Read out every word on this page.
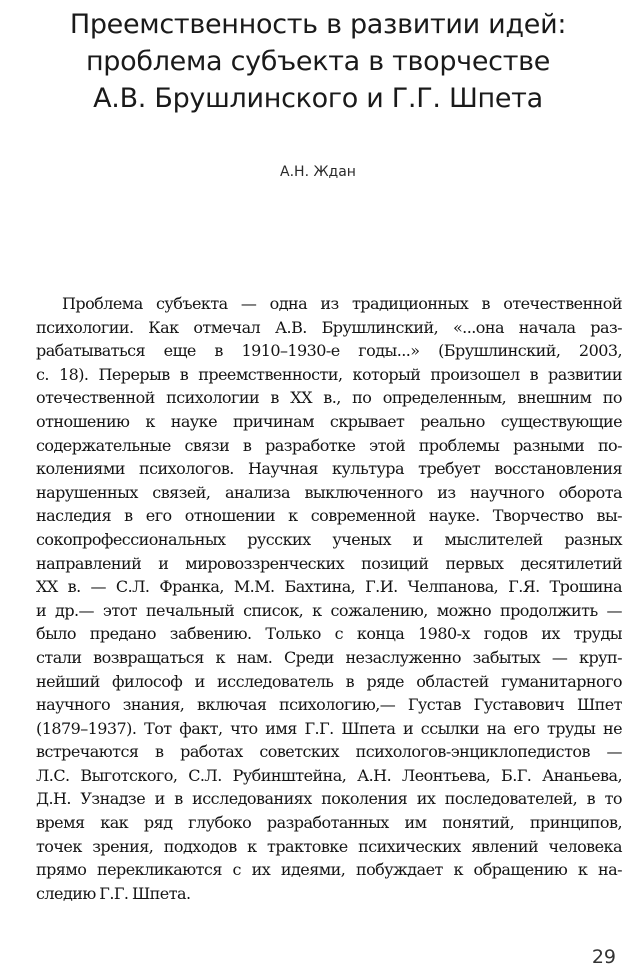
Преемственность в развитии идей:
проблема субъекта в творчестве
А.В. Брушлинского и Г.Г. Шпета
А.Н. Ждан
Проблема субъекта — одна из традиционных в отечественной
психологии. Как отмечал А.В. Брушлинский, «...она начала раз-
рабатываться еще в 1910–1930-е годы...» (Брушлинский, 2003,
с. 18). Перерыв в преемственности, который произошел в развитии
отечественной психологии в XX в., по определенным, внешним по
отношению к науке причинам скрывает реально существующие
содержательные связи в разработке этой проблемы разными по-
колениями психологов. Научная культура требует восстановления
нарушенных связей, анализа выключенного из научного оборота
наследия в его отношении к современной науке. Творчество вы-
сокопрофессиональных русских ученых и мыслителей разных
направлений и мировоззренческих позиций первых десятилетий
XX в. — С.Л. Франка, М.М. Бахтина, Г.И. Челпанова, Г.Я. Трошина
и др.— этот печальный список, к сожалению, можно продолжить —
было предано забвению. Только с конца 1980-х годов их труды
стали возвращаться к нам. Среди незаслуженно забытых — круп-
нейший философ и исследователь в ряде областей гуманитарного
научного знания, включая психологию,— Густав Густавович Шпет
(1879–1937). Тот факт, что имя Г.Г. Шпета и ссылки на его труды не
встречаются в работах советских психологов-энциклопедистов —
Л.С. Выготского, С.Л. Рубинштейна, А.Н. Леонтьева, Б.Г. Ананьева,
Д.Н. Узнадзе и в исследованиях поколения их последователей, в то
время как ряд глубоко разработанных им понятий, принципов,
точек зрения, подходов к трактовке психических явлений человека
прямо перекликаются с их идеями, побуждает к обращению к на-
следию Г.Г. Шпета.
29
